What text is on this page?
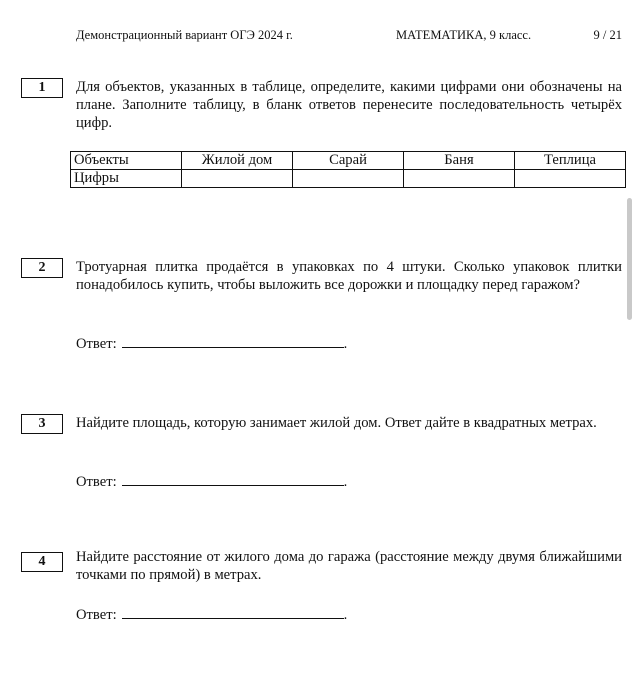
Демонстрационный вариант ОГЭ 2024 г.	МАТЕМАТИКА, 9 класс.	9 / 21
1	Для объектов, указанных в таблице, определите, какими цифрами они обозначены на плане. Заполните таблицу, в бланк ответов перенесите последовательность четырёх цифр.
Объекты	Жилой дом	Сарай	Баня	Теплица
Цифры				
2	Тротуарная плитка продаётся в упаковках по 4 штуки. Сколько упаковок плитки понадобилось купить, чтобы выложить все дорожки и площадку перед гаражом?
Ответ:	.
3	Найдите площадь, которую занимает жилой дом. Ответ дайте в квадратных метрах.
Ответ:	.
4	Найдите расстояние от жилого дома до гаража (расстояние между двумя ближайшими точками по прямой) в метрах.
Ответ:	.
